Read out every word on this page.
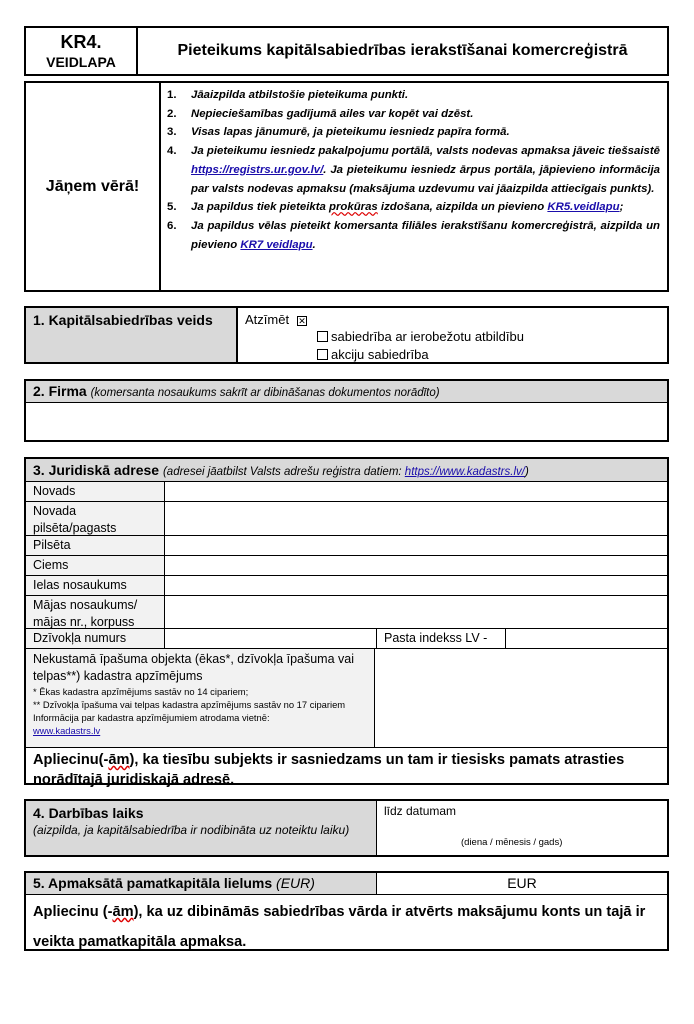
KR4.
VEIDLAPA
Pieteikums kapitālsabiedrības ierakstīšanai komercreģistrā
Jāņem vērā!
1.	Jāaizpilda atbilstošie pieteikuma punkti.
2.	Nepieciešamības gadījumā ailes var kopēt vai dzēst.
3.	Visas lapas jānumurē, ja pieteikumu iesniedz papīra formā.
4.	Ja pieteikumu iesniedz pakalpojumu portālā, valsts nodevas apmaksa jāveic tiešsaistē https://registrs.ur.gov.lv/. Ja pieteikumu iesniedz ārpus portāla, jāpievieno informācija par valsts nodevas apmaksu (maksājuma uzdevumu vai jāaizpilda attiecīgais punkts).
5.	Ja papildus tiek pieteikta prokūras izdošana, aizpilda un pievieno KR5.veidlapu;
6.	Ja papildus vēlas pieteikt komersanta filiāles ierakstīšanu komercreģistrā, aizpilda un pievieno KR7 veidlapu.
1. Kapitālsabiedrības veids	Atzīmēt ✕
sabiedrība ar ierobežotu atbildību
akciju sabiedrība
2. Firma (komersanta nosaukums sakrīt ar dibināšanas dokumentos norādīto)
3. Juridiskā adrese (adresei jāatbilst Valsts adrešu reģistra datiem: https://www.kadastrs.lv/)
Novads
Novada pilsēta/pagasts
Pilsēta
Ciems
Ielas nosaukums
Mājas nosaukums/ mājas nr., korpuss
Dzīvokļa numurs	Pasta indekss LV -
Nekustamā īpašuma objekta (ēkas*, dzīvokļa īpašuma vai telpas**) kadastra apzīmējums
* Ēkas kadastra apzīmējums sastāv no 14 cipariem;
** Dzīvokļa īpašuma vai telpas kadastra apzīmējums sastāv no 17 cipariem
Informācija par kadastra apzīmējumiem atrodama vietnē:
www.kadastrs.lv
Apliecinu(-ām), ka tiesību subjekts ir sasniedzams un tam ir tiesisks pamats atrasties norādītajā juridiskajā adresē.
4. Darbības laiks
(aizpilda, ja kapitālsabiedrība ir nodibināta uz noteiktu laiku)
līdz datumam
(diena / mēnesis / gads)
5. Apmaksātā pamatkapitāla lielums (EUR)	EUR
Apliecinu (-ām), ka uz dibināmās sabiedrības vārda ir atvērts maksājumu konts un tajā ir veikta pamatkapitāla apmaksa.
